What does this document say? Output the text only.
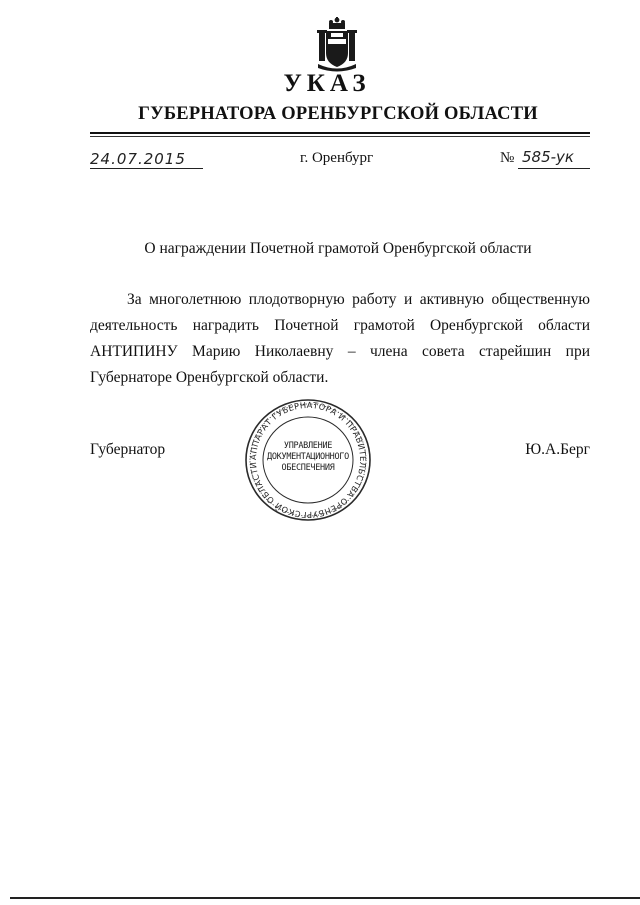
УКАЗ
ГУБЕРНАТОРА ОРЕНБУРГСКОЙ ОБЛАСТИ
24.07.2015	г. Оренбург	№ 585-ук
О награждении Почетной грамотой Оренбургской области
За многолетнюю плодотворную работу и активную общественную деятельность наградить Почетной грамотой Оренбургской области АНТИПИНУ Марию Николаевну – члена совета старейшин при Губернаторе Оренбургской области.
Губернатор	Ю.А.Берг
АППАРАТ ГУБЕРНАТОРА И ПРАВИТЕЛЬСТВА ОРЕНБУРГСКОЙ ОБЛАСТИ
УПРАВЛЕНИЕ
ДОКУМЕНТАЦИОННОГО
ОБЕСПЕЧЕНИЯ
